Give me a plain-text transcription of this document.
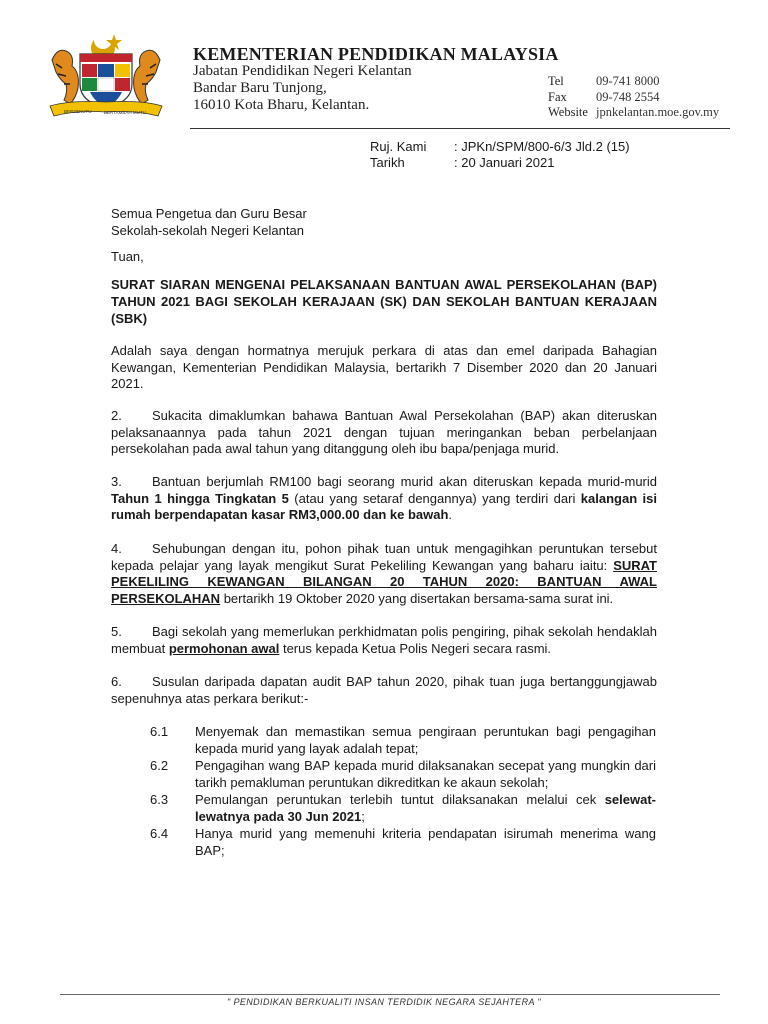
BERSEKUTU	BERTAMBAH MUTU
KEMENTERIAN PENDIDIKAN MALAYSIA
Jabatan Pendidikan Negeri Kelantan
Bandar Baru Tunjong,
16010 Kota Bharu, Kelantan.
Tel	09-741 8000
Fax	09-748 2554
Website jpnkelantan.moe.gov.my
Ruj. Kami	: JPKn/SPM/800-6/3 Jld.2 (15)
Tarikh	: 20 Januari 2021
Semua Pengetua dan Guru Besar
Sekolah-sekolah Negeri Kelantan
Tuan,
SURAT SIARAN MENGENAI PELAKSANAAN BANTUAN AWAL PERSEKOLAHAN (BAP) TAHUN 2021 BAGI SEKOLAH KERAJAAN (SK) DAN SEKOLAH BANTUAN KERAJAAN (SBK)
Adalah saya dengan hormatnya merujuk perkara di atas dan emel daripada Bahagian Kewangan, Kementerian Pendidikan Malaysia, bertarikh 7 Disember 2020 dan 20 Januari 2021.
2. Sukacita dimaklumkan bahawa Bantuan Awal Persekolahan (BAP) akan diteruskan pelaksanaannya pada tahun 2021 dengan tujuan meringankan beban perbelanjaan persekolahan pada awal tahun yang ditanggung oleh ibu bapa/penjaga murid.
3. Bantuan berjumlah RM100 bagi seorang murid akan diteruskan kepada murid-murid Tahun 1 hingga Tingkatan 5 (atau yang setaraf dengannya) yang terdiri dari kalangan isi rumah berpendapatan kasar RM3,000.00 dan ke bawah.
4. Sehubungan dengan itu, pohon pihak tuan untuk mengagihkan peruntukan tersebut kepada pelajar yang layak mengikut Surat Pekeliling Kewangan yang baharu iaitu: SURAT PEKELILING KEWANGAN BILANGAN 20 TAHUN 2020: BANTUAN AWAL PERSEKOLAHAN bertarikh 19 Oktober 2020 yang disertakan bersama-sama surat ini.
5. Bagi sekolah yang memerlukan perkhidmatan polis pengiring, pihak sekolah hendaklah membuat permohonan awal terus kepada Ketua Polis Negeri secara rasmi.
6. Susulan daripada dapatan audit BAP tahun 2020, pihak tuan juga bertanggungjawab sepenuhnya atas perkara berikut:-
6.1	Menyemak dan memastikan semua pengiraan peruntukan bagi pengagihan kepada murid yang layak adalah tepat;
6.2	Pengagihan wang BAP kepada murid dilaksanakan secepat yang mungkin dari tarikh pemakluman peruntukan dikreditkan ke akaun sekolah;
6.3	Pemulangan peruntukan terlebih tuntut dilaksanakan melalui cek selewat-lewatnya pada 30 Jun 2021;
6.4	Hanya murid yang memenuhi kriteria pendapatan isirumah menerima wang BAP;
" PENDIDIKAN BERKUALITI INSAN TERDIDIK NEGARA SEJAHTERA "
